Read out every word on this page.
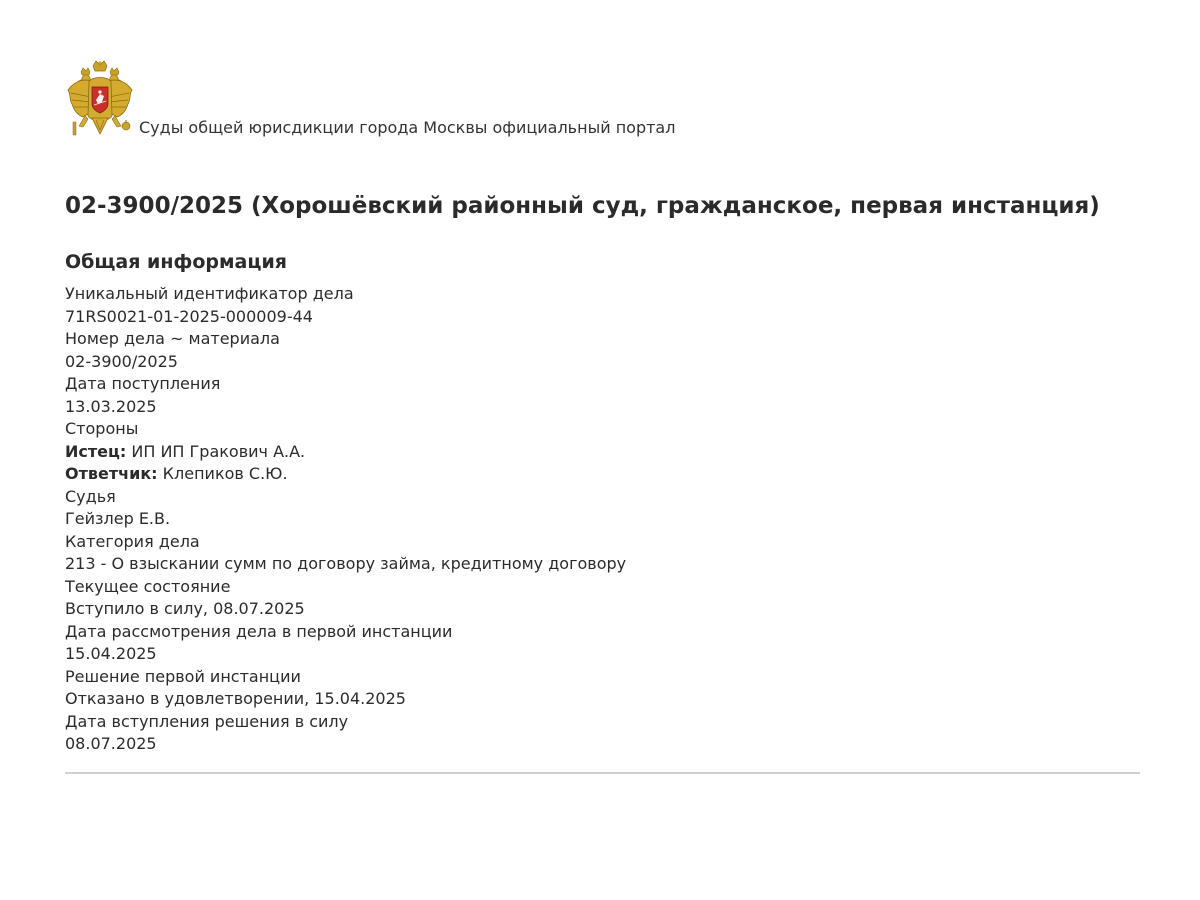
Суды общей юрисдикции города Москвы официальный портал
02-3900/2025 (Хорошёвский районный суд, гражданское, первая инстанция)
Общая информация
Уникальный идентификатор дела
71RS0021-01-2025-000009-44
Номер дела ~ материала
02-3900/2025
Дата поступления
13.03.2025
Стороны
Истец: ИП ИП Гракович А.А.
Ответчик: Клепиков С.Ю.
Судья
Гейзлер Е.В.
Категория дела
213 - О взыскании сумм по договору займа, кредитному договору
Текущее состояние
Вступило в силу, 08.07.2025
Дата рассмотрения дела в первой инстанции
15.04.2025
Решение первой инстанции
Отказано в удовлетворении, 15.04.2025
Дата вступления решения в силу
08.07.2025
